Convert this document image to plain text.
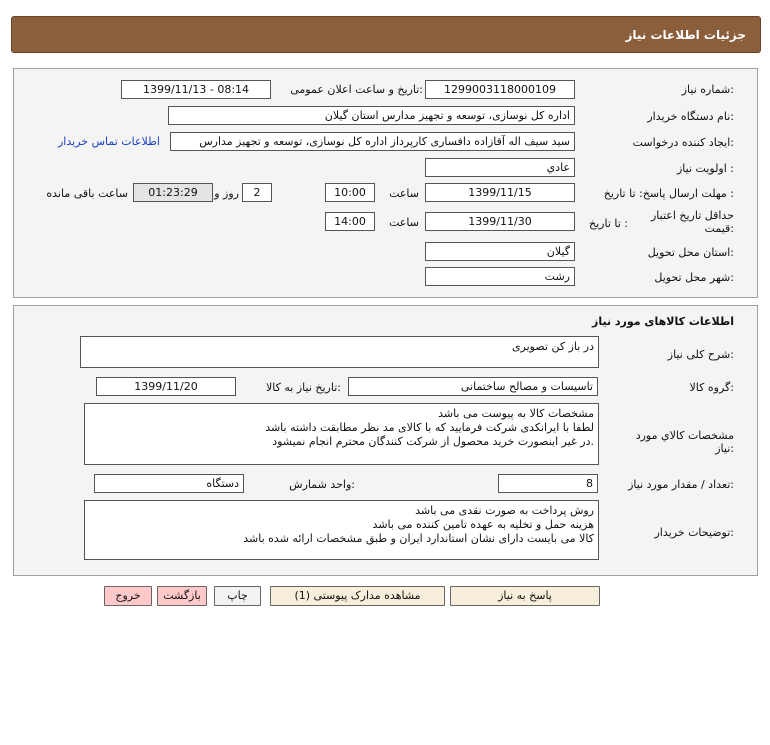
جزئیات اطلاعات نیاز
شماره نیاز:
1299003118000109
تاریخ و ساعت اعلان عمومی:
1399/11/13 - 08:14
نام دستگاه خریدار:
اداره کل نوسازی، توسعه و تجهیز مدارس استان گیلان
ایجاد کننده درخواست:
سید سیف اله آقازاده دافساری کارپرداز اداره کل نوسازی، توسعه و تجهیز مدارس
اطلاعات تماس خریدار
اولویت نیاز :
عادي
مهلت ارسال پاسخ: تا تاریخ :
1399/11/15
ساعت
10:00
2
روز و
01:23:29
ساعت باقی مانده
حداقل تاریخ اعتبار قیمت:
تا تاریخ :
1399/11/30
ساعت
14:00
استان محل تحویل:
گیلان
شهر محل تحویل:
رشت
اطلاعات کالاهای مورد نیاز
شرح کلی نیاز:
در باز کن تصویری
گروه کالا:
تاسیسات و مصالح ساختمانی
تاریخ نیاز به کالا:
1399/11/20
مشخصات کالاي مورد نياز:
مشخصات کالا به پیوست می باشد
لطفا با ایرانکدی شرکت فرمایید که با کالای مد نظر مطابقت داشته باشد
در غیر اینصورت خرید محصول از شرکت کنندگان محترم انجام نمیشود.
تعداد / مقدار مورد نیاز:
8
واحد شمارش:
دستگاه
توضیحات خریدار:
روش پرداخت به صورت نقدی می باشد
هزینه حمل و تخلیه به عهده تامین کننده می باشد
کالا می بایست دارای نشان استاندارد ایران و طبق مشخصات ارائه شده باشد
پاسخ به نیاز
مشاهده مدارک پیوستی (1)
چاپ
بازگشت
خروج
